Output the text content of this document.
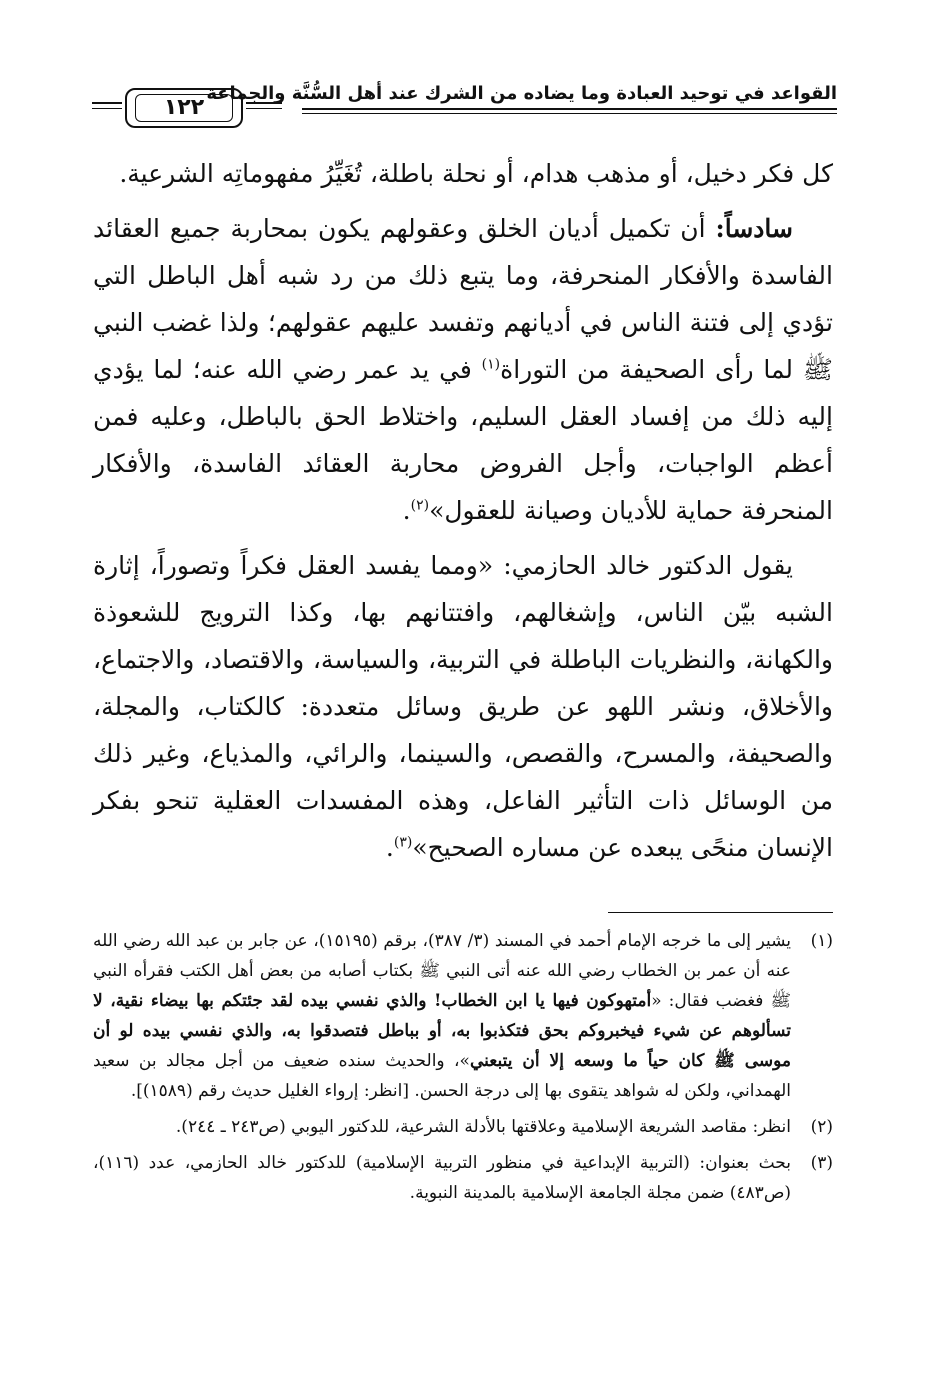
القواعد في توحيد العبادة وما يضاده من الشرك عند أهل السُّنَّة والجماعة
١٢٢

كل فكر دخيل، أو مذهب هدام، أو نحلة باطلة، تُغَيِّرُ مفهوماتِه الشرعية.

سادساً: أن تكميل أديان الخلق وعقولهم يكون بمحاربة جميع العقائد الفاسدة والأفكار المنحرفة، وما يتبع ذلك من رد شبه أهل الباطل التي تؤدي إلى فتنة الناس في أديانهم وتفسد عليهم عقولهم؛ ولذا غضب النبي ﷺ لما رأى الصحيفة من التوراة$^{(١)}$ في يد عمر رضي الله عنه؛ لما يؤدي إليه ذلك من إفساد العقل السليم، واختلاط الحق بالباطل، وعليه فمن أعظم الواجبات، وأجل الفروض محاربة العقائد الفاسدة، والأفكار المنحرفة حماية للأديان وصيانة للعقول»$^{(٢)}$.

يقول الدكتور خالد الحازمي: «ومما يفسد العقل فكراً وتصوراً، إثارة الشبه بيّن الناس، وإشغالهم، وافتتانهم بها، وكذا الترويج للشعوذة والكهانة، والنظريات الباطلة في التربية، والسياسة، والاقتصاد، والاجتماع، والأخلاق، ونشر اللهو عن طريق وسائل متعددة: كالكتاب، والمجلة، والصحيفة، والمسرح، والقصص، والسينما، والرائي، والمذياع، وغير ذلك من الوسائل ذات التأثير الفاعل، وهذه المفسدات العقلية تنحو بفكر الإنسان منحًى يبعده عن مساره الصحيح»$^{(٣)}$.

(١)

يشير إلى ما خرجه الإمام أحمد في المسند (٣/ ٣٨٧)، برقم (١٥١٩٥)، عن جابر بن عبد الله رضي الله عنه أن عمر بن الخطاب رضي الله عنه أتى النبي ﷺ بكتاب أصابه من بعض أهل الكتب فقرأه النبي ﷺ فغضب فقال: «أمتهوكون فيها يا ابن الخطاب! والذي نفسي بيده لقد جئتكم بها بيضاء نقية، لا تسألوهم عن شيء فيخبروكم بحق فتكذبوا به، أو بباطل فتصدقوا به، والذي نفسي بيده لو أن موسى ﷺ كان حياً ما وسعه إلا أن يتبعني»، والحديث سنده ضعيف من أجل مجالد بن سعيد الهمداني، ولكن له شواهد يتقوى بها إلى درجة الحسن. [انظر: إرواء الغليل حديث رقم (١٥٨٩)].

(٢)

انظر: مقاصد الشريعة الإسلامية وعلاقتها بالأدلة الشرعية، للدكتور اليوبي (ص٢٤٣ ـ ٢٤٤).

(٣)

بحث بعنوان: (التربية الإبداعية في منظور التربية الإسلامية) للدكتور خالد الحازمي، عدد (١١٦)، (ص٤٨٣) ضمن مجلة الجامعة الإسلامية بالمدينة النبوية.
